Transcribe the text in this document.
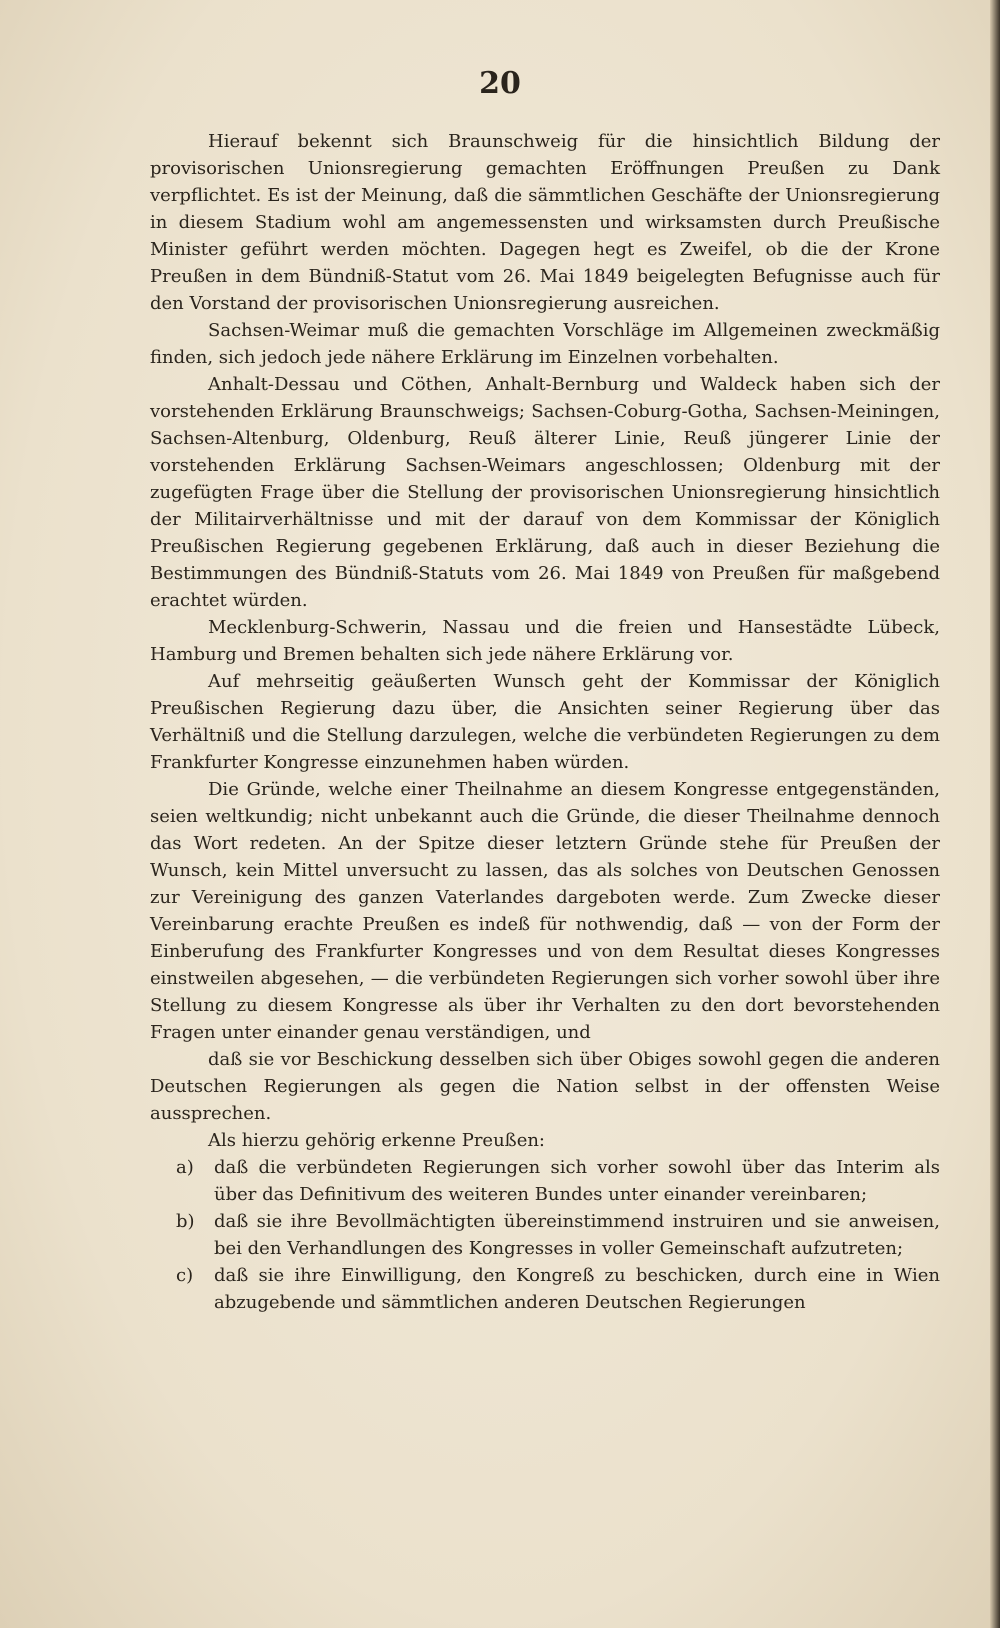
20

Hierauf bekennt sich Braunschweig für die hinsichtlich Bildung der provisorischen Unionsregierung gemachten Eröffnungen Preußen zu Dank verpflichtet. Es ist der Meinung, daß die sämmtlichen Geschäfte der Unionsregierung in diesem Stadium wohl am angemessensten und wirksamsten durch Preußische Minister geführt werden möchten. Dagegen hegt es Zweifel, ob die der Krone Preußen in dem Bündniß-Statut vom 26. Mai 1849 beigelegten Befugnisse auch für den Vorstand der provisorischen Unionsregierung ausreichen.

Sachsen-Weimar muß die gemachten Vorschläge im Allgemeinen zweckmäßig finden, sich jedoch jede nähere Erklärung im Einzelnen vorbehalten.

Anhalt-Dessau und Cöthen, Anhalt-Bernburg und Waldeck haben sich der vorstehenden Erklärung Braunschweigs; Sachsen-Coburg-Gotha, Sachsen-Meiningen, Sachsen-Altenburg, Oldenburg, Reuß älterer Linie, Reuß jüngerer Linie der vorstehenden Erklärung Sachsen-Weimars angeschlossen; Oldenburg mit der zugefügten Frage über die Stellung der provisorischen Unionsregierung hinsichtlich der Militairverhältnisse und mit der darauf von dem Kommissar der Königlich Preußischen Regierung gegebenen Erklärung, daß auch in dieser Beziehung die Bestimmungen des Bündniß-Statuts vom 26. Mai 1849 von Preußen für maßgebend erachtet würden.

Mecklenburg-Schwerin, Nassau und die freien und Hansestädte Lübeck, Hamburg und Bremen behalten sich jede nähere Erklärung vor.

Auf mehrseitig geäußerten Wunsch geht der Kommissar der Königlich Preußischen Regierung dazu über, die Ansichten seiner Regierung über das Verhältniß und die Stellung darzulegen, welche die verbündeten Regierungen zu dem Frankfurter Kongresse einzunehmen haben würden.

Die Gründe, welche einer Theilnahme an diesem Kongresse entgegenständen, seien weltkundig; nicht unbekannt auch die Gründe, die dieser Theilnahme dennoch das Wort redeten. An der Spitze dieser letztern Gründe stehe für Preußen der Wunsch, kein Mittel unversucht zu lassen, das als solches von Deutschen Genossen zur Vereinigung des ganzen Vaterlandes dargeboten werde. Zum Zwecke dieser Vereinbarung erachte Preußen es indeß für nothwendig, daß — von der Form der Einberufung des Frankfurter Kongresses und von dem Resultat dieses Kongresses einstweilen abgesehen, — die verbündeten Regierungen sich vorher sowohl über ihre Stellung zu diesem Kongresse als über ihr Verhalten zu den dort bevorstehenden Fragen unter einander genau verständigen, und

daß sie vor Beschickung desselben sich über Obiges sowohl gegen die anderen Deutschen Regierungen als gegen die Nation selbst in der offensten Weise aussprechen.

Als hierzu gehörig erkenne Preußen:

a)	daß die verbündeten Regierungen sich vorher sowohl über das Interim als über das Definitivum des weiteren Bundes unter einander vereinbaren;
b)	daß sie ihre Bevollmächtigten übereinstimmend instruiren und sie anweisen, bei den Verhandlungen des Kongresses in voller Gemeinschaft aufzutreten;
c)	daß sie ihre Einwilligung, den Kongreß zu beschicken, durch eine in Wien abzugebende und sämmtlichen anderen Deutschen Regierungen
